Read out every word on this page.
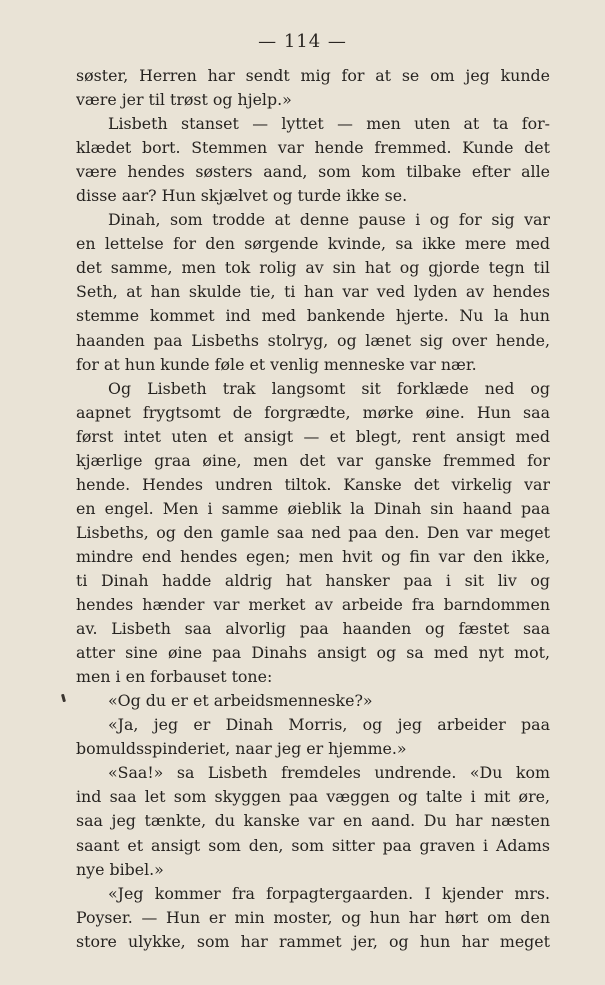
— 114 —
søster, Herren har sendt mig for at se om jeg kunde
være jer til trøst og hjelp.»
Lisbeth stanset — lyttet — men uten at ta for-
klædet bort. Stemmen var hende fremmed. Kunde det
være hendes søsters aand, som kom tilbake efter alle
disse aar? Hun skjælvet og turde ikke se.
Dinah, som trodde at denne pause i og for sig var
en lettelse for den sørgende kvinde, sa ikke mere med
det samme, men tok rolig av sin hat og gjorde tegn til
Seth, at han skulde tie, ti han var ved lyden av hendes
stemme kommet ind med bankende hjerte. Nu la hun
haanden paa Lisbeths stolryg, og lænet sig over hende,
for at hun kunde føle et venlig menneske var nær.
Og Lisbeth trak langsomt sit forklæde ned og
aapnet frygtsomt de forgrædte, mørke øine. Hun saa
først intet uten et ansigt — et blegt, rent ansigt med
kjærlige graa øine, men det var ganske fremmed for
hende. Hendes undren tiltok. Kanske det virkelig var
en engel. Men i samme øieblik la Dinah sin haand paa
Lisbeths, og den gamle saa ned paa den. Den var meget
mindre end hendes egen; men hvit og fin var den ikke,
ti Dinah hadde aldrig hat hansker paa i sit liv og
hendes hænder var merket av arbeide fra barndommen
av. Lisbeth saa alvorlig paa haanden og fæstet saa
atter sine øine paa Dinahs ansigt og sa med nyt mot,
men i en forbauset tone:
«Og du er et arbeidsmenneske?»
«Ja, jeg er Dinah Morris, og jeg arbeider paa
bomuldsspinderiet, naar jeg er hjemme.»
«Saa!» sa Lisbeth fremdeles undrende. «Du kom
ind saa let som skyggen paa væggen og talte i mit øre,
saa jeg tænkte, du kanske var en aand. Du har næsten
saant et ansigt som den, som sitter paa graven i Adams
nye bibel.»
«Jeg kommer fra forpagtergaarden. I kjender mrs.
Poyser. — Hun er min moster, og hun har hørt om den
store ulykke, som har rammet jer, og hun har meget
